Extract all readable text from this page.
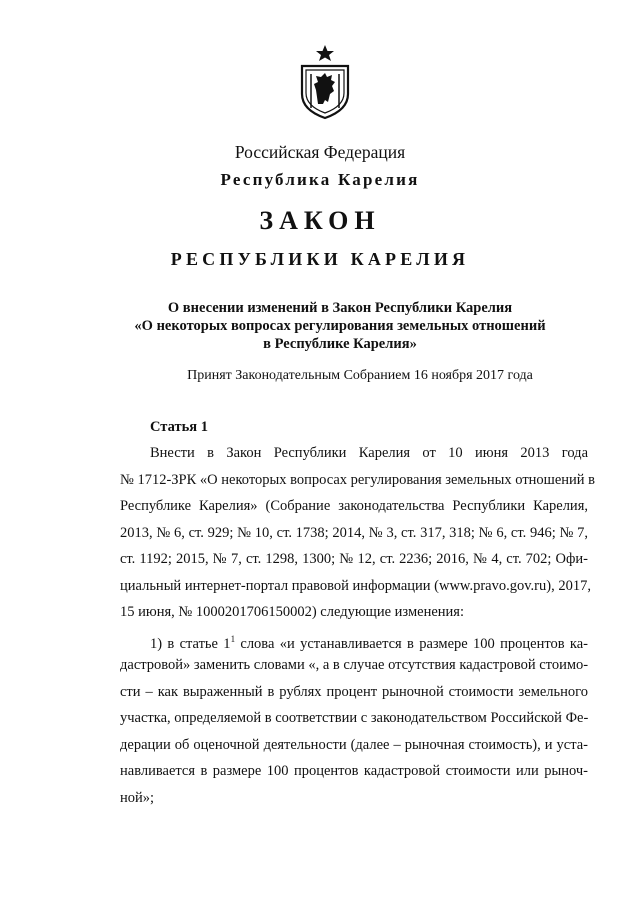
Российская Федерация
Республика Карелия
ЗАКОН
РЕСПУБЛИКИ КАРЕЛИЯ
О внесении изменений в Закон Республики Карелия
«О некоторых вопросах регулирования земельных отношений
в Республике Карелия»
Принят Законодательным Собранием 16 ноября 2017 года
Статья 1
Внести в Закон Республики Карелия от 10 июня 2013 года
№ 1712-ЗРК «О некоторых вопросах регулирования земельных отношений в
Республике Карелия» (Собрание законодательства Республики Карелия,
2013, № 6, ст. 929; № 10, ст. 1738; 2014, № 3, ст. 317, 318; № 6, ст. 946; № 7,
ст. 1192; 2015, № 7, ст. 1298, 1300; № 12, ст. 2236; 2016, № 4, ст. 702; Офи-
циальный интернет-портал правовой информации (www.pravo.gov.ru), 2017,
15 июня, № 1000201706150002) следующие изменения:
1) в статье $1^1$ слова «и устанавливается в размере 100 процентов ка-
дастровой» заменить словами «, а в случае отсутствия кадастровой стоимо-
сти – как выраженный в рублях процент рыночной стоимости земельного
участка, определяемой в соответствии с законодательством Российской Фе-
дерации об оценочной деятельности (далее – рыночная стоимость), и уста-
навливается в размере 100 процентов кадастровой стоимости или рыноч-
ной»;
